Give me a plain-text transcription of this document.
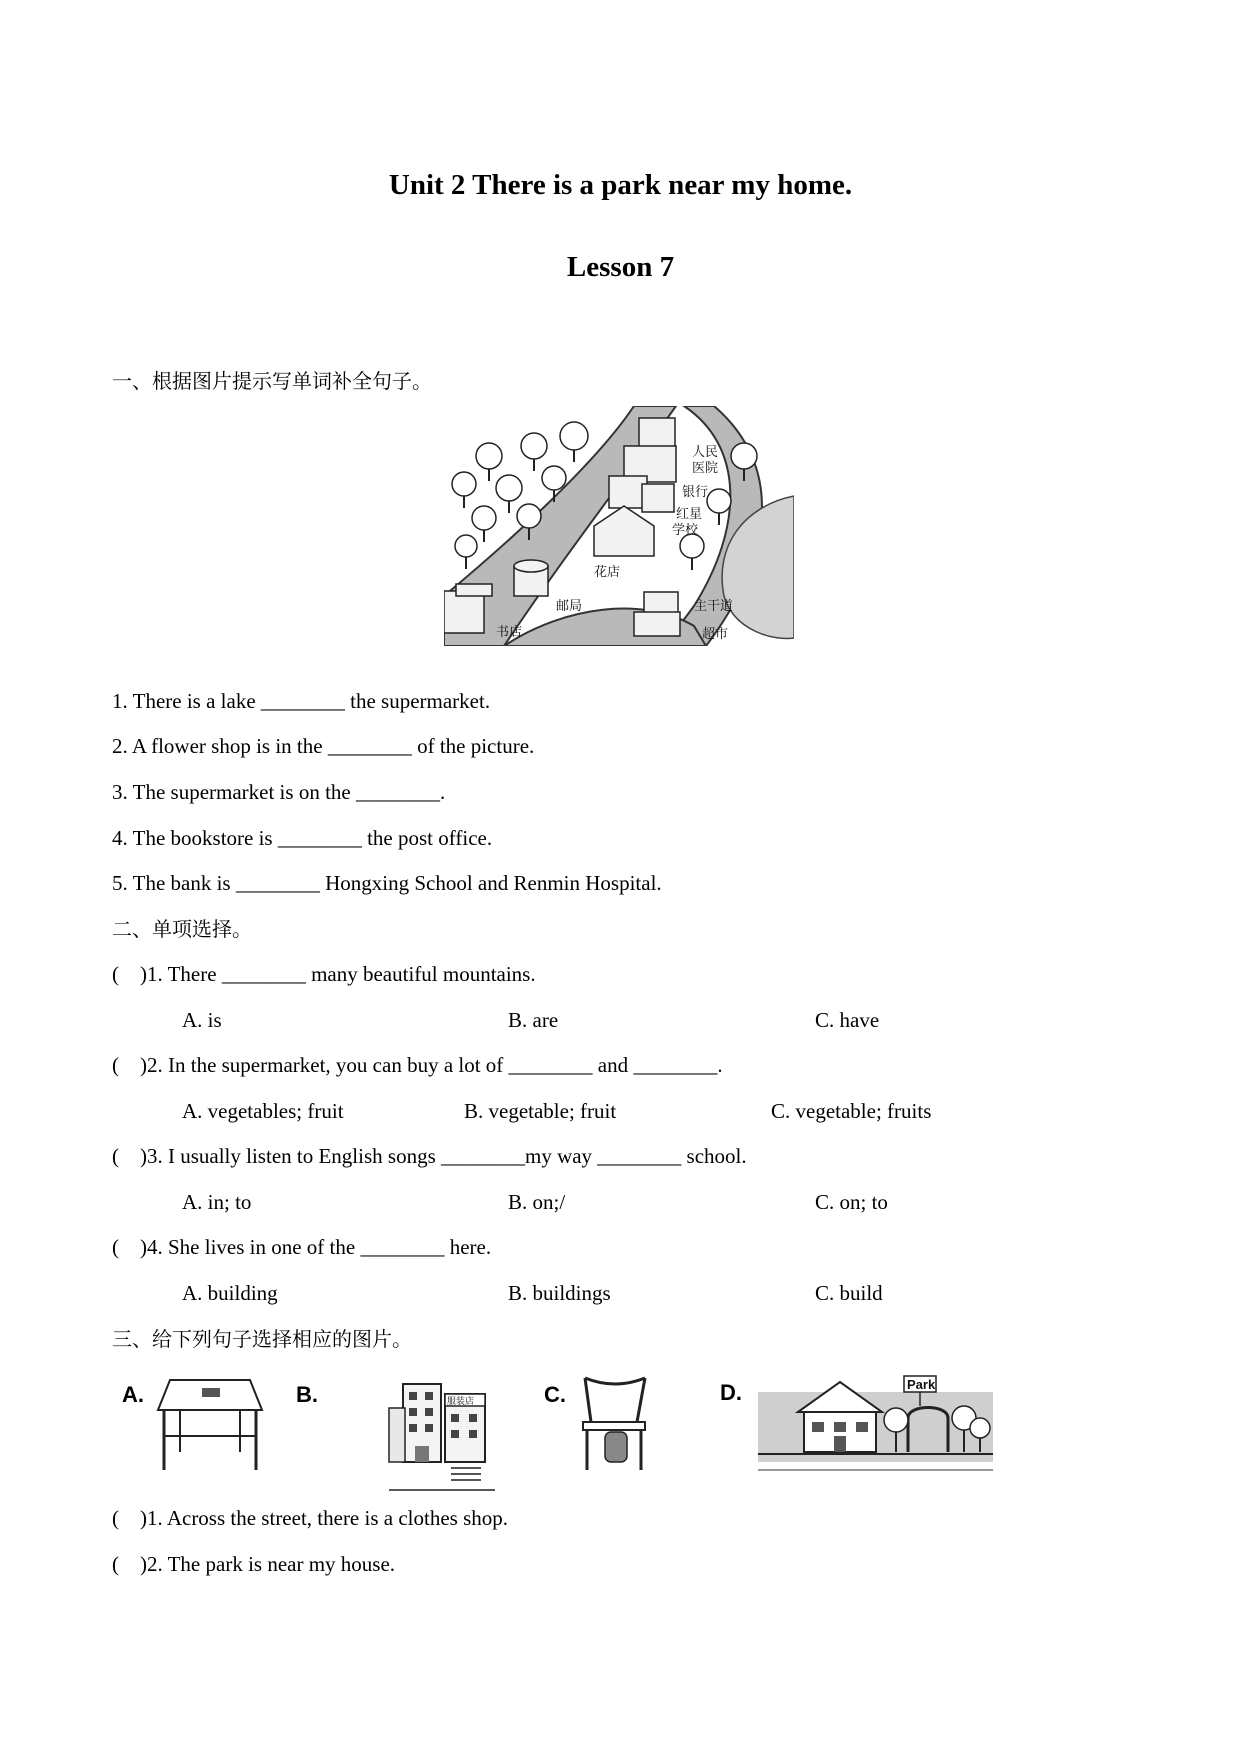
Unit 2 There is a park near my home.
Lesson 7
一、根据图片提示写单词补全句子。
人民
医院
银行
红星
学校
花店
邮局
书店
主干道
超市
1. There is a lake ________ the supermarket.
2. A flower shop is in the ________ of the picture.
3. The supermarket is on the ________.
4. The bookstore is ________ the post office.
5. The bank is ________ Hongxing School and Renmin Hospital.
二、单项选择。
(    )1. There ________ many beautiful mountains.
A. is	B. are	C. have
(    )2. In the supermarket, you can buy a lot of ________ and ________.
A. vegetables; fruit	B. vegetable; fruit	C. vegetable; fruits
(    )3. I usually listen to English songs ________my way ________ school.
A. in; to	B. on;/	C. on; to
(    )4. She lives in one of the ________ here.
A. building	B. buildings	C. build
三、给下列句子选择相应的图片。
A.	B.	服装店	C.	D.	Park
(    )1. Across the street, there is a clothes shop.
(    )2. The park is near my house.
